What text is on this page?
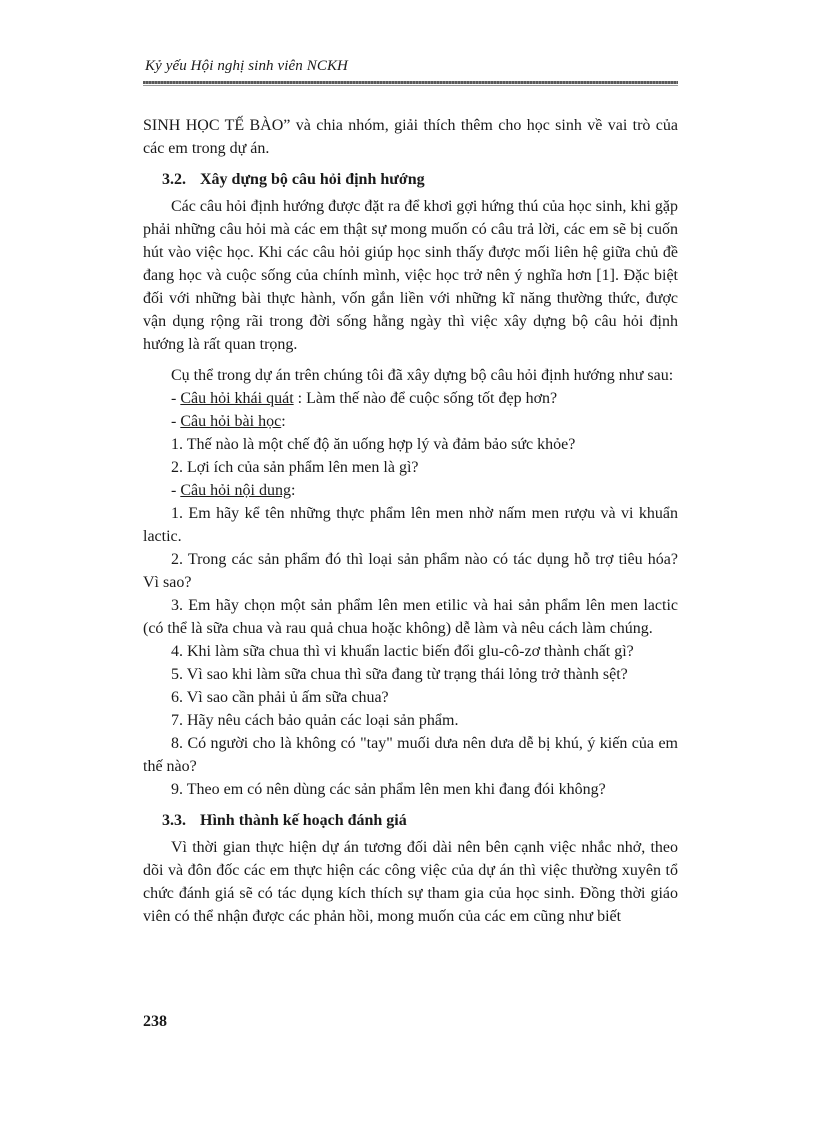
Kỷ yếu Hội nghị sinh viên NCKH

SINH HỌC TẾ BÀO” và chia nhóm, giải thích thêm cho học sinh về vai trò của các em trong dự án.

3.2. Xây dựng bộ câu hỏi định hướng

Các câu hỏi định hướng được đặt ra để khơi gợi hứng thú của học sinh, khi gặp phải những câu hỏi mà các em thật sự mong muốn có câu trả lời, các em sẽ bị cuốn hút vào việc học. Khi các câu hỏi giúp học sinh thấy được mối liên hệ giữa chủ đề đang học và cuộc sống của chính mình, việc học trở nên ý nghĩa hơn [1]. Đặc biệt đối với những bài thực hành, vốn gắn liền với những kĩ năng thường thức, được vận dụng rộng rãi trong đời sống hằng ngày thì việc xây dựng bộ câu hỏi định hướng là rất quan trọng.

Cụ thể trong dự án trên chúng tôi đã xây dựng bộ câu hỏi định hướng như sau:

- Câu hỏi khái quát : Làm thế nào để cuộc sống tốt đẹp hơn?

- Câu hỏi bài học:

1. Thế nào là một chế độ ăn uống hợp lý và đảm bảo sức khỏe?

2. Lợi ích của sản phẩm lên men là gì?

- Câu hỏi nội dung:

1. Em hãy kể tên những thực phẩm lên men nhờ nấm men rượu và vi khuẩn lactic.

2. Trong các sản phẩm đó thì loại sản phẩm nào có tác dụng hỗ trợ tiêu hóa? Vì sao?

3. Em hãy chọn một sản phẩm lên men etilic và hai sản phẩm lên men lactic (có thể là sữa chua và rau quả chua hoặc không) dễ làm và nêu cách làm chúng.

4. Khi làm sữa chua thì vi khuẩn lactic biến đổi glu-cô-zơ thành chất gì?

5. Vì sao khi làm sữa chua thì sữa đang từ trạng thái lỏng trở thành sệt?

6. Vì sao cần phải ủ ấm sữa chua?

7. Hãy nêu cách bảo quản các loại sản phẩm.

8. Có người cho là không có "tay" muối dưa nên dưa dễ bị khú, ý kiến của em thế nào?

9. Theo em có nên dùng các sản phẩm lên men khi đang đói không?

3.3. Hình thành kế hoạch đánh giá

Vì thời gian thực hiện dự án tương đối dài nên bên cạnh việc nhắc nhở, theo dõi và đôn đốc các em thực hiện các công việc của dự án thì việc thường xuyên tổ chức đánh giá sẽ có tác dụng kích thích sự tham gia của học sinh. Đồng thời giáo viên có thể nhận được các phản hồi, mong muốn của các em cũng như biết

238
